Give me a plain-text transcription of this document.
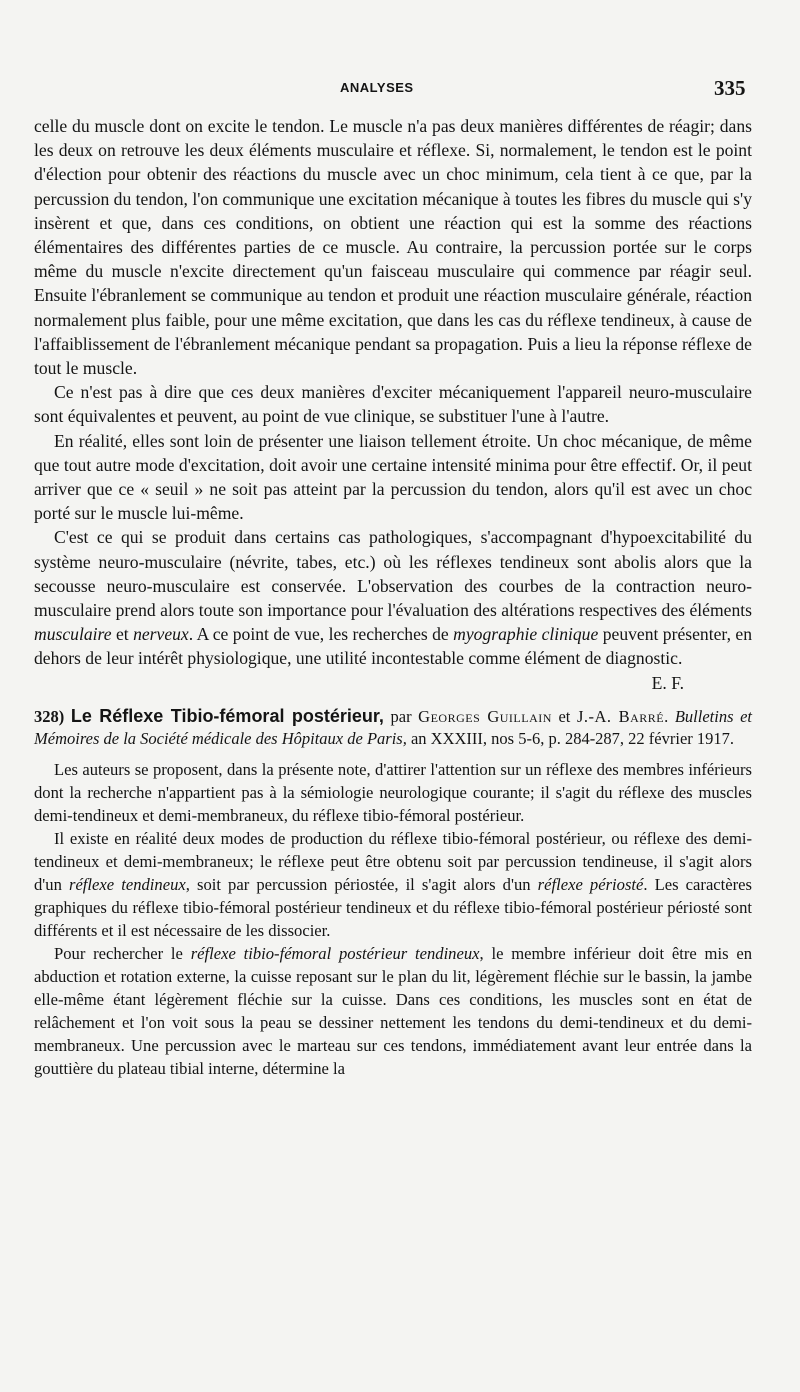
ANALYSES	335

celle du muscle dont on excite le tendon. Le muscle n'a pas deux manières différentes de réagir; dans les deux on retrouve les deux éléments musculaire et réflexe. Si, normalement, le tendon est le point d'élection pour obtenir des réactions du muscle avec un choc minimum, cela tient à ce que, par la percussion du tendon, l'on communique une excitation mécanique à toutes les fibres du muscle qui s'y insèrent et que, dans ces conditions, on obtient une réaction qui est la somme des réactions élémentaires des différentes parties de ce muscle. Au contraire, la percussion portée sur le corps même du muscle n'excite directement qu'un faisceau musculaire qui commence par réagir seul. Ensuite l'ébranlement se communique au tendon et produit une réaction musculaire générale, réaction normalement plus faible, pour une même excitation, que dans les cas du réflexe tendineux, à cause de l'affaiblissement de l'ébranlement mécanique pendant sa propagation. Puis a lieu la réponse réflexe de tout le muscle.

Ce n'est pas à dire que ces deux manières d'exciter mécaniquement l'appareil neuro-musculaire sont équivalentes et peuvent, au point de vue clinique, se substituer l'une à l'autre.

En réalité, elles sont loin de présenter une liaison tellement étroite. Un choc mécanique, de même que tout autre mode d'excitation, doit avoir une certaine intensité minima pour être effectif. Or, il peut arriver que ce « seuil » ne soit pas atteint par la percussion du tendon, alors qu'il est avec un choc porté sur le muscle lui-même.

C'est ce qui se produit dans certains cas pathologiques, s'accompagnant d'hypoexcitabilité du système neuro-musculaire (névrite, tabes, etc.) où les réflexes tendineux sont abolis alors que la secousse neuro-musculaire est conservée. L'observation des courbes de la contraction neuro-musculaire prend alors toute son importance pour l'évaluation des altérations respectives des éléments musculaire et nerveux. A ce point de vue, les recherches de myographie clinique peuvent présenter, en dehors de leur intérêt physiologique, une utilité incontestable comme élément de diagnostic.

E. F.

328) Le Réflexe Tibio-fémoral postérieur, par Georges Guillain et J.-A. Barré. Bulletins et Mémoires de la Société médicale des Hôpitaux de Paris, an XXXIII, nos 5-6, p. 284-287, 22 février 1917.

Les auteurs se proposent, dans la présente note, d'attirer l'attention sur un réflexe des membres inférieurs dont la recherche n'appartient pas à la sémiologie neurologique courante; il s'agit du réflexe des muscles demi-tendineux et demi-membraneux, du réflexe tibio-fémoral postérieur.

Il existe en réalité deux modes de production du réflexe tibio-fémoral postérieur, ou réflexe des demi-tendineux et demi-membraneux; le réflexe peut être obtenu soit par percussion tendineuse, il s'agit alors d'un réflexe tendineux, soit par percussion périostée, il s'agit alors d'un réflexe périosté. Les caractères graphiques du réflexe tibio-fémoral postérieur tendineux et du réflexe tibio-fémoral postérieur périosté sont différents et il est nécessaire de les dissocier.

Pour rechercher le réflexe tibio-fémoral postérieur tendineux, le membre inférieur doit être mis en abduction et rotation externe, la cuisse reposant sur le plan du lit, légèrement fléchie sur le bassin, la jambe elle-même étant légèrement fléchie sur la cuisse. Dans ces conditions, les muscles sont en état de relâchement et l'on voit sous la peau se dessiner nettement les tendons du demi-tendineux et du demi-membraneux. Une percussion avec le marteau sur ces tendons, immédiatement avant leur entrée dans la gouttière du plateau tibial interne, détermine la
